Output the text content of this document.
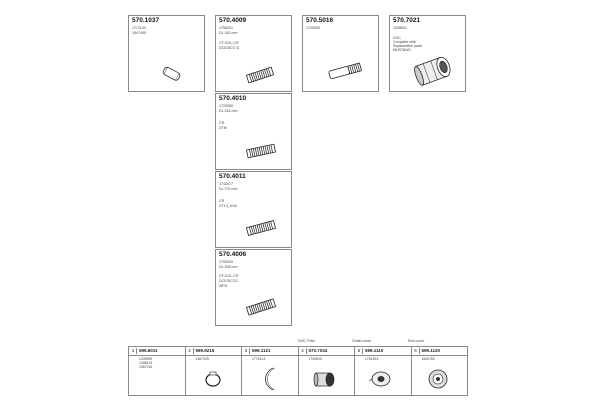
570.1037
1771140
1947455
570.4009
1758291
DL 163 mm
CF:COL-CR
DCE/DCO D
570.5016
1725900
570.7021
1538601
DOC
Complete with
Replaceable parts
MUSTANG
570.4010
1725289
DL 244 mm
CR
DTM
570.4011
1742677
DL 270 mm
CR
DT13_6/40
570.4006
1753029
DL 305 mm
CF:COL-CR
DCE/DCO2
WFD
DOC Filter	Outlet cover	End cover
1	599.6011
1439998
1448476
1387118
2	599.9215
1487025
3	599.1121
1774413
4	570.7034
1749840
5	599.1110
1761324
6	599.1120
1665782
